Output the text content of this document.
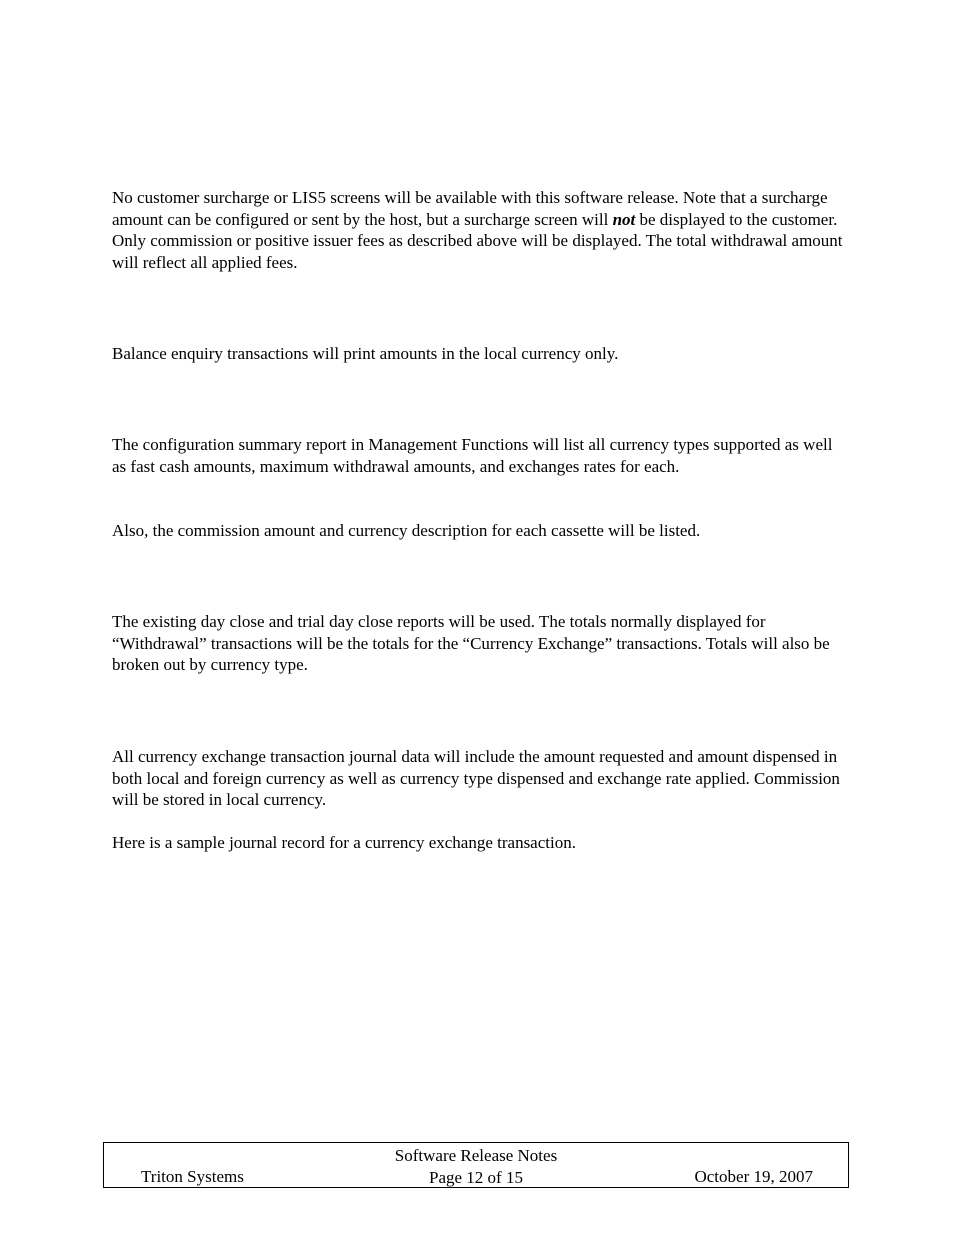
No customer surcharge or LIS5 screens will be available with this software release. Note that a surcharge amount can be configured or sent by the host, but a surcharge screen will not be displayed to the customer. Only commission or positive issuer fees as described above will be displayed. The total withdrawal amount will reflect all applied fees.

Balance enquiry transactions will print amounts in the local currency only.

The configuration summary report in Management Functions will list all currency types supported as well as fast cash amounts, maximum withdrawal amounts, and exchanges rates for each.

Also, the commission amount and currency description for each cassette will be listed.

The existing day close and trial day close reports will be used. The totals normally displayed for “Withdrawal” transactions will be the totals for the “Currency Exchange” transactions. Totals will also be broken out by currency type.

All currency exchange transaction journal data will include the amount requested and amount dispensed in both local and foreign currency as well as currency type dispensed and exchange rate applied. Commission will be stored in local currency.

Here is a sample journal record for a currency exchange transaction.

Software Release Notes
Page 12 of 15
Triton Systems	October 19, 2007
